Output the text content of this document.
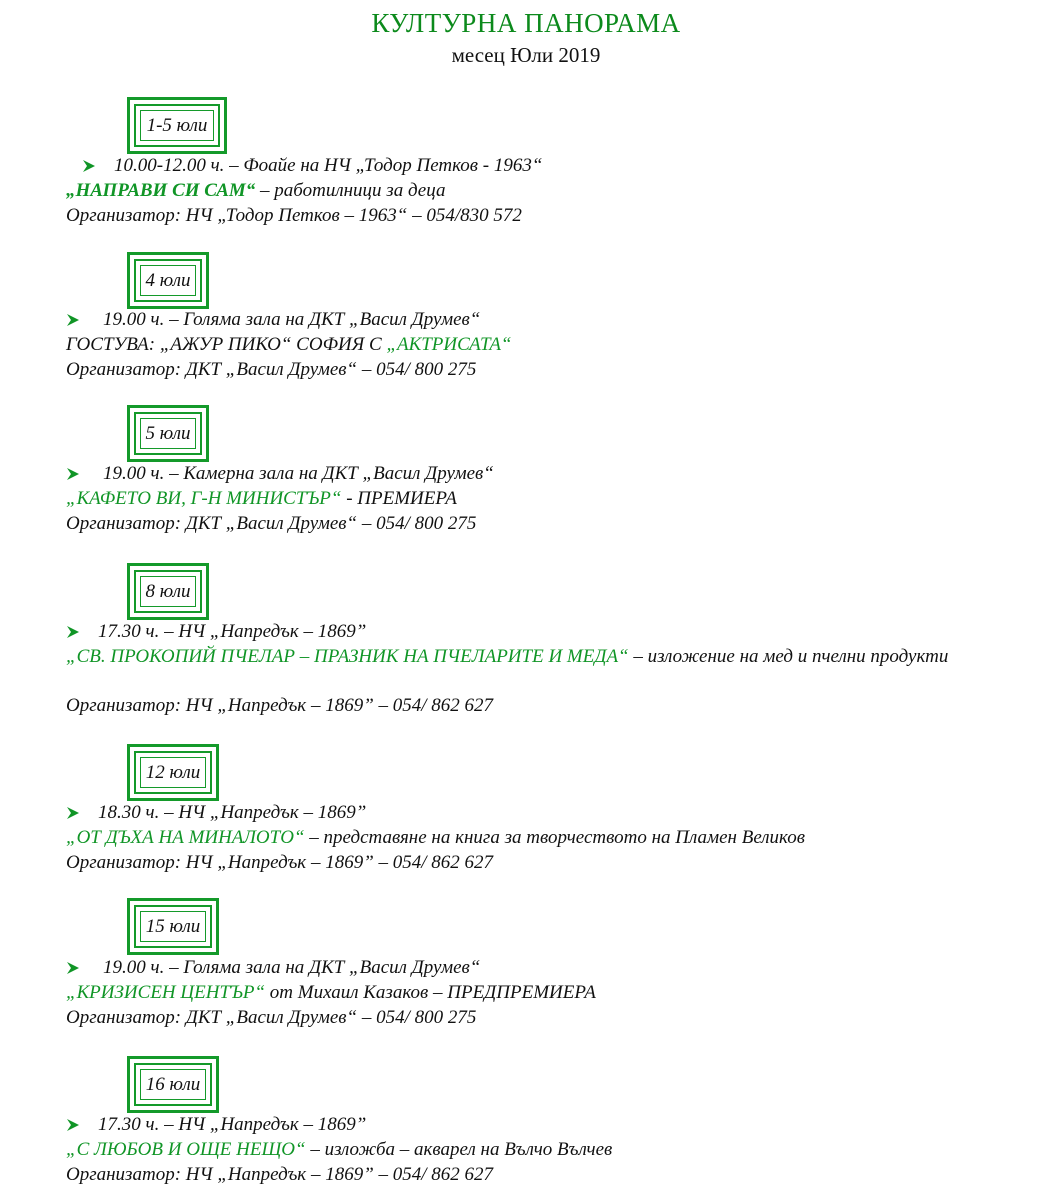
КУЛТУРНА ПАНОРАМА
месец Юли 2019
1-5 юли
10.00-12.00 ч. – Фоайе на НЧ „Тодор Петков - 1963“
„НАПРАВИ СИ САМ“ – работилници за деца
Организатор: НЧ „Тодор Петков – 1963“ – 054/830 572
4 юли
19.00 ч. – Голяма зала на ДКТ „Васил Друмев“
ГОСТУВА: „АЖУР ПИКО“ СОФИЯ С „АКТРИСАТА“
Организатор: ДКТ „Васил Друмев“ – 054/ 800 275
5 юли
19.00 ч. – Камерна зала на ДКТ „Васил Друмев“
„КАФЕТО ВИ, Г-Н МИНИСТЪР“ - ПРЕМИЕРА
Организатор: ДКТ „Васил Друмев“ – 054/ 800 275
8 юли
17.30 ч. – НЧ „Напредък – 1869”
„СВ. ПРОКОПИЙ ПЧЕЛАР – ПРАЗНИК НА ПЧЕЛАРИТЕ И МЕДА“ – изложение на мед и пчелни продукти
Организатор: НЧ „Напредък – 1869” – 054/ 862 627
12 юли
18.30 ч. – НЧ „Напредък – 1869”
„ОТ ДЪХА НА МИНАЛОТО“ – представяне на книга за творчеството на Пламен Великов
Организатор: НЧ „Напредък – 1869” – 054/ 862 627
15 юли
19.00 ч. – Голяма зала на ДКТ „Васил Друмев“
„КРИЗИСЕН ЦЕНТЪР“ от Михаил Казаков – ПРЕДПРЕМИЕРА
Организатор: ДКТ „Васил Друмев“ – 054/ 800 275
16 юли
17.30 ч. – НЧ „Напредък – 1869”
„С ЛЮБОВ И ОЩЕ НЕЩО“ – изложба – акварел на Вълчо Вълчев
Организатор: НЧ „Напредък – 1869” – 054/ 862 627
